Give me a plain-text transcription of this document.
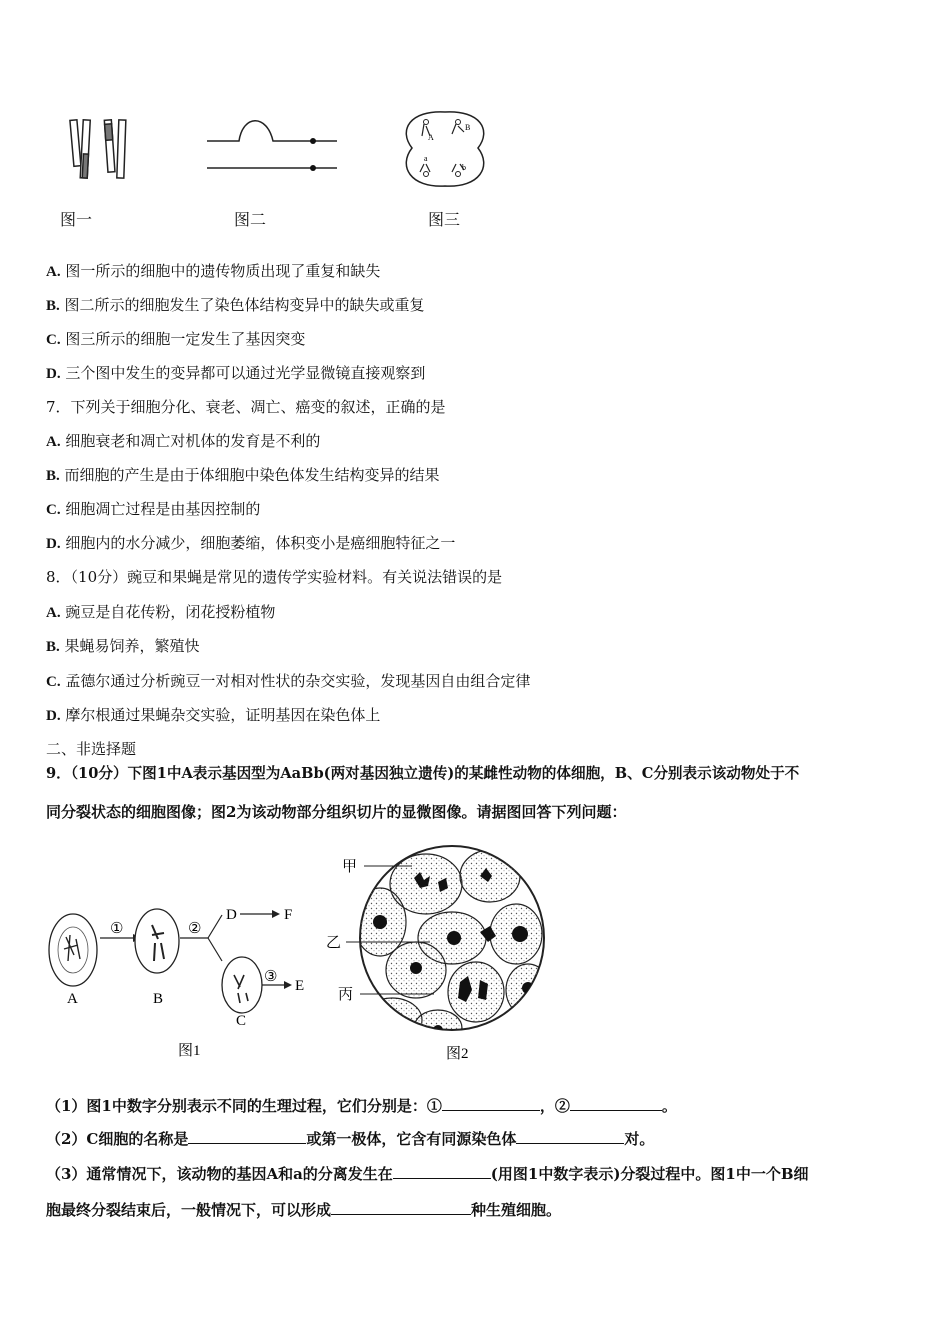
图一	图二
A
B
a
b
图三
A. 图一所示的细胞中的遗传物质出现了重复和缺失
B. 图二所示的细胞发生了染色体结构变异中的缺失或重复
C. 图三所示的细胞一定发生了基因突变
D. 三个图中发生的变异都可以通过光学显微镜直接观察到
7．下列关于细胞分化、衰老、凋亡、癌变的叙述，正确的是
A. 细胞衰老和凋亡对机体的发育是不利的
B. 而细胞的产生是由于体细胞中染色体发生结构变异的结果
C. 细胞凋亡过程是由基因控制的
D. 细胞内的水分减少，细胞萎缩，体积变小是癌细胞特征之一
8．（10分）豌豆和果蝇是常见的遗传学实验材料。有关说法错误的是
A. 豌豆是自花传粉，闭花授粉植物
B. 果蝇易饲养，繁殖快
C. 孟德尔通过分析豌豆一对相对性状的杂交实验，发现基因自由组合定律
D. 摩尔根通过果蝇杂交实验，证明基因在染色体上
二、非选择题
9．（10分）下图1中A表示基因型为AaBb(两对基因独立遗传)的某雌性动物的体细胞，B、C分别表示该动物处于不
同分裂状态的细胞图像；图2为该动物部分组织切片的显微图像。请据图回答下列问题：
A
①
B
②
D	F
C
③
E
图1
甲
乙
丙
图2
（1）图1中数字分别表示不同的生理过程，它们分别是：①	，②	。
（2）C细胞的名称是	或第一极体，它含有同源染色体	对。
（3）通常情况下，该动物的基因A和a的分离发生在	(用图1中数字表示)分裂过程中。图1中一个B细
胞最终分裂结束后，一般情况下，可以形成	种生殖细胞。
